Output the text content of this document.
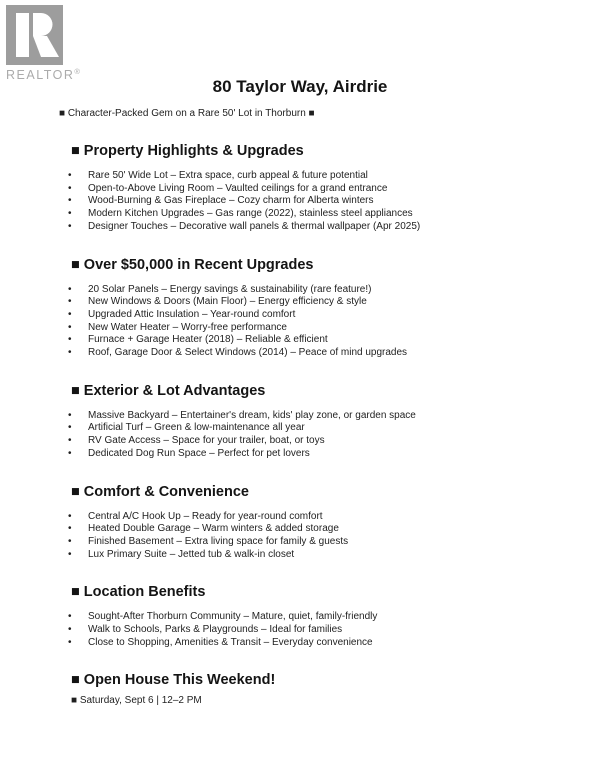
REALTOR®
80 Taylor Way, Airdrie

■ Character-Packed Gem on a Rare 50' Lot in Thorburn ■

■ Property Highlights & Upgrades
• Rare 50' Wide Lot – Extra space, curb appeal & future potential
• Open-to-Above Living Room – Vaulted ceilings for a grand entrance
• Wood-Burning & Gas Fireplace – Cozy charm for Alberta winters
• Modern Kitchen Upgrades – Gas range (2022), stainless steel appliances
• Designer Touches – Decorative wall panels & thermal wallpaper (Apr 2025)
■ Over $50,000 in Recent Upgrades
• 20 Solar Panels – Energy savings & sustainability (rare feature!)
• New Windows & Doors (Main Floor) – Energy efficiency & style
• Upgraded Attic Insulation – Year-round comfort
• New Water Heater – Worry-free performance
• Furnace + Garage Heater (2018) – Reliable & efficient
• Roof, Garage Door & Select Windows (2014) – Peace of mind upgrades
■ Exterior & Lot Advantages
• Massive Backyard – Entertainer's dream, kids' play zone, or garden space
• Artificial Turf – Green & low-maintenance all year
• RV Gate Access – Space for your trailer, boat, or toys
• Dedicated Dog Run Space – Perfect for pet lovers
■ Comfort & Convenience
• Central A/C Hook Up – Ready for year-round comfort
• Heated Double Garage – Warm winters & added storage
• Finished Basement – Extra living space for family & guests
• Lux Primary Suite – Jetted tub & walk-in closet
■ Location Benefits
• Sought-After Thorburn Community – Mature, quiet, family-friendly
• Walk to Schools, Parks & Playgrounds – Ideal for families
• Close to Shopping, Amenities & Transit – Everyday convenience
■ Open House This Weekend!

■ Saturday, Sept 6 | 12–2 PM
